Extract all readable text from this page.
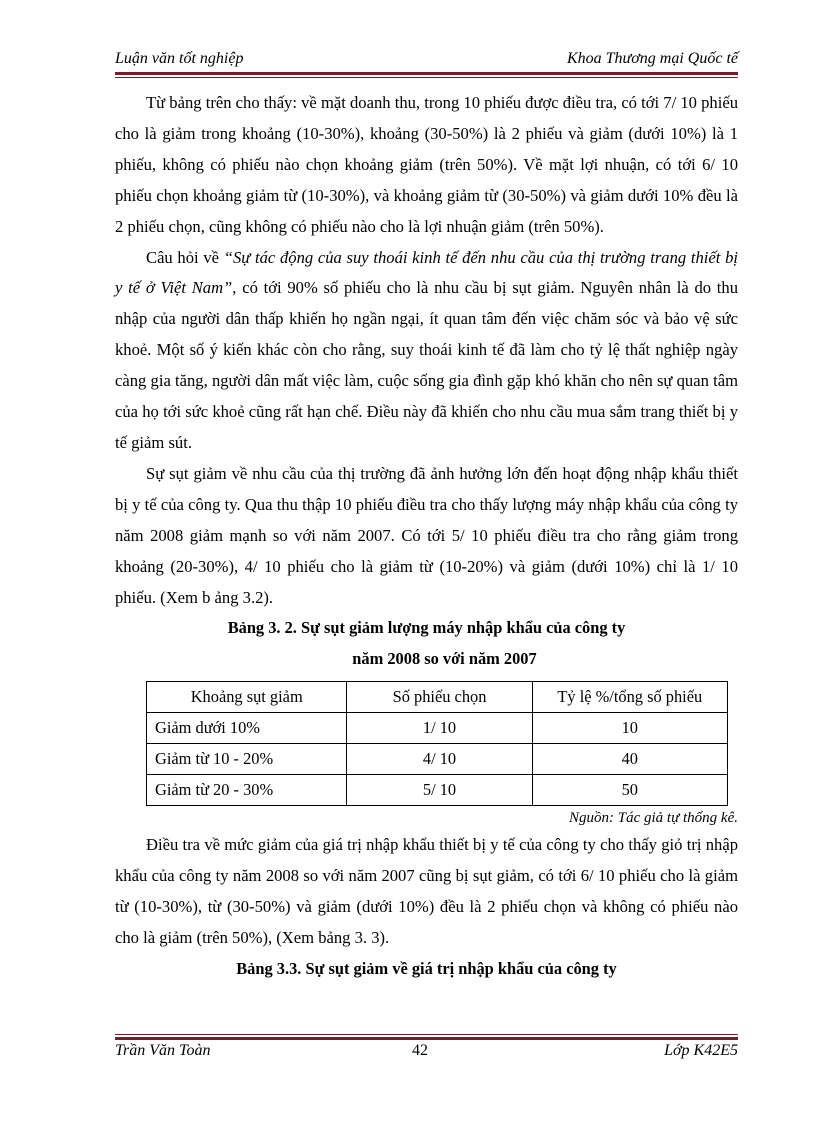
Luận văn tốt nghiệp	Khoa Thương mại Quốc tế

Từ bảng trên cho thấy: về mặt doanh thu, trong 10 phiếu được điều tra, có tới 7/ 10 phiếu cho là giảm trong khoảng (10-30%), khoảng (30-50%) là 2 phiếu và giảm (dưới 10%) là 1 phiếu, không có phiếu nào chọn khoảng giảm (trên 50%). Về mặt lợi nhuận, có tới 6/ 10 phiếu chọn khoảng giảm từ (10-30%), và khoảng giảm từ (30-50%) và giảm dưới 10% đều là 2 phiếu chọn, cũng không có phiếu nào cho là lợi nhuận giảm (trên 50%).

Câu hỏi về “Sự tác động của suy thoái kinh tế đến nhu cầu của thị trường trang thiết bị y tế ở Việt Nam”, có tới 90% số phiếu cho là nhu cầu bị sụt giảm. Nguyên nhân là do thu nhập của người dân thấp khiến họ ngần ngại, ít quan tâm đến việc chăm sóc và bảo vệ sức khoẻ. Một số ý kiến khác còn cho rằng, suy thoái kinh tế đã làm cho tỷ lệ thất nghiệp ngày càng gia tăng, người dân mất việc làm, cuộc sống gia đình gặp khó khăn cho nên sự quan tâm của họ tới sức khoẻ cũng rất hạn chế. Điều này đã khiến cho nhu cầu mua sắm trang thiết bị y tế giảm sút.

Sự sụt giảm về nhu cầu của thị trường đã ảnh hưởng lớn đến hoạt động nhập khẩu thiết bị y tế của công ty. Qua thu thập 10 phiếu điều tra cho thấy lượng máy nhập khẩu của công ty năm 2008 giảm mạnh so với năm 2007. Có tới 5/ 10 phiếu điều tra cho rằng giảm trong khoảng (20-30%), 4/ 10 phiếu cho là giảm từ (10-20%) và giảm (dưới 10%) chỉ là 1/ 10 phiếu. (Xem b ảng 3.2).

Bảng 3. 2. Sự sụt giảm lượng máy nhập khẩu của công ty

năm 2008 so với năm 2007

Khoảng sụt giảm	Số phiếu chọn	Tỷ lệ %/tổng số phiếu
Giảm dưới 10%	1/ 10	10
Giảm từ 10 - 20%	4/ 10	40
Giảm từ 20 - 30%	5/ 10	50

Nguồn: Tác giả tự thống kê.

Điều tra về mức giảm của giá trị nhập khẩu thiết bị y tế của công ty cho thấy giỏ trị nhập khẩu của công ty năm 2008 so với năm 2007 cũng bị sụt giảm, có tới 6/ 10 phiếu cho là giảm từ (10-30%), từ (30-50%) và giảm (dưới 10%) đều là 2 phiếu chọn và không có phiếu nào cho là giảm (trên 50%), (Xem bảng 3. 3).

Bảng 3.3. Sự sụt giảm về giá trị nhập khẩu của công ty

Trần Văn Toàn	42	Lớp K42E5
